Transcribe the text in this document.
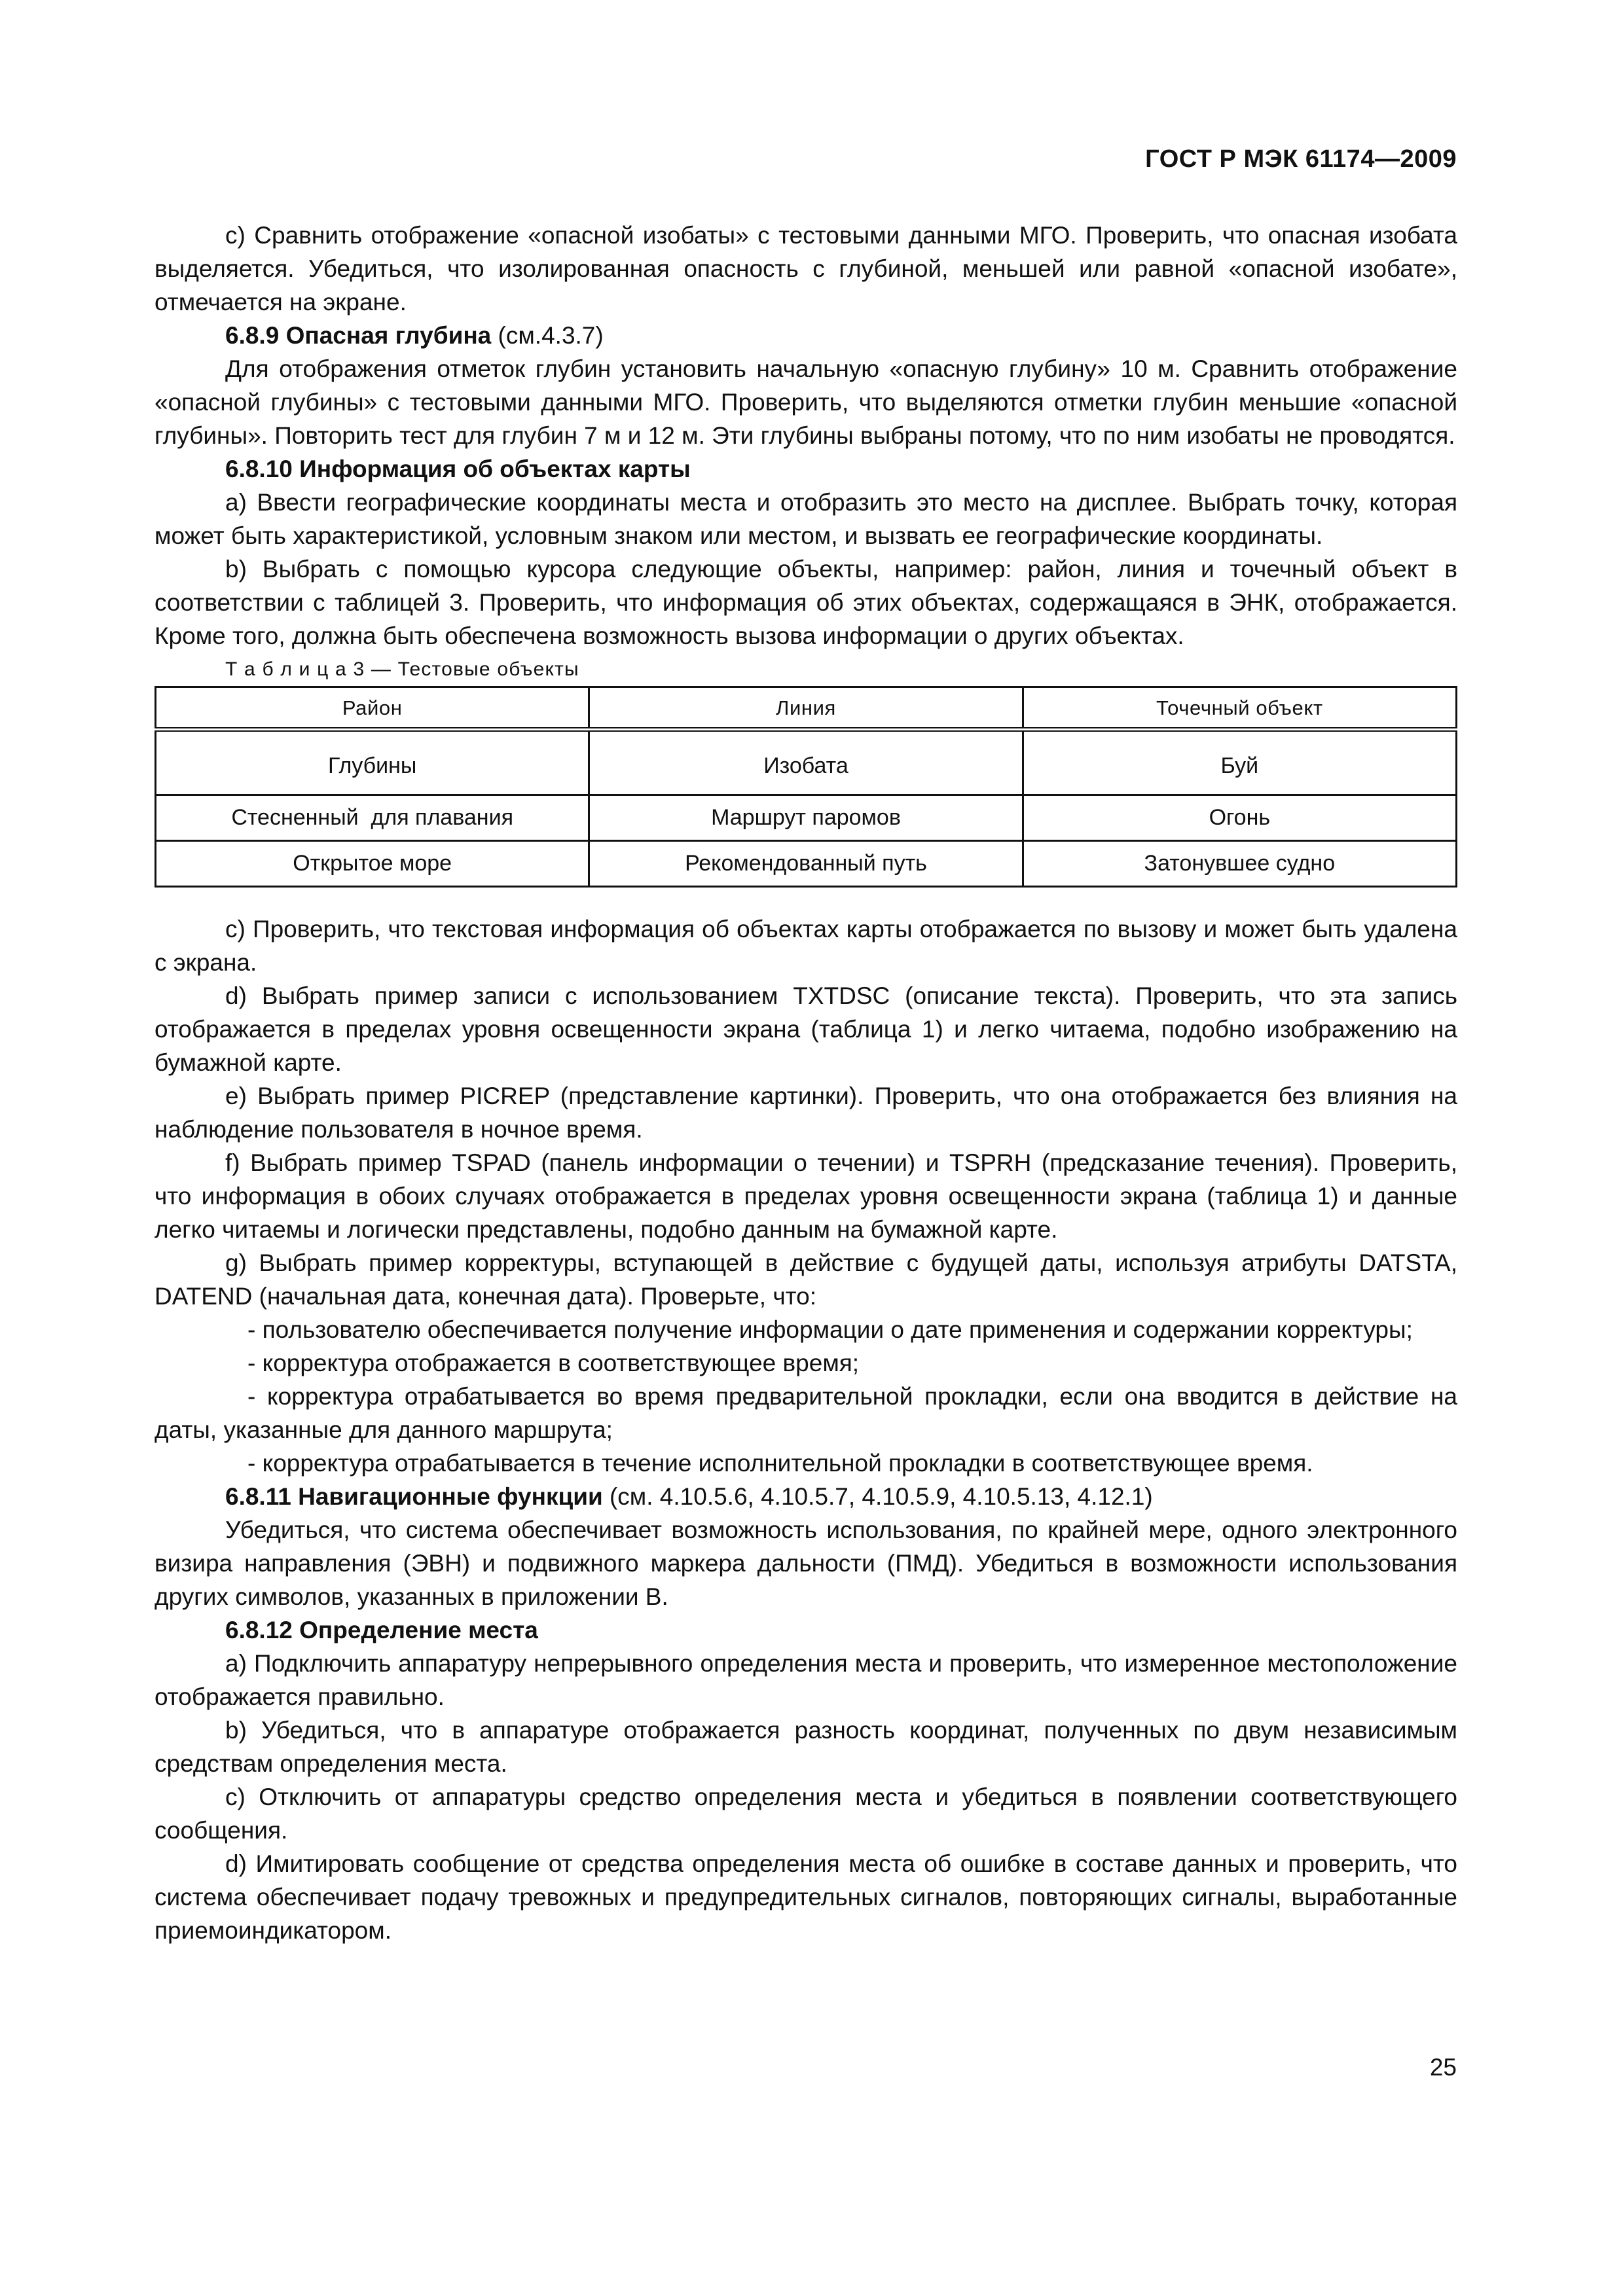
ГОСТ Р МЭК 61174—2009

c) Сравнить отображение «опасной изобаты» с тестовыми данными МГО. Проверить, что опасная изобата выделяется. Убедиться, что изолированная опасность с глубиной, меньшей или равной «опасной изобате», отмечается на экране.

6.8.9 Опасная глубина (см.4.3.7)

Для отображения отметок глубин установить начальную «опасную глубину» 10 м. Сравнить отображение «опасной глубины» с тестовыми данными МГО. Проверить, что выделяются отметки глубин меньшие «опасной глубины». Повторить тест для глубин 7 м и 12 м. Эти глубины выбраны потому, что по ним изобаты не проводятся.

6.8.10 Информация об объектах карты

a) Ввести географические координаты места и отобразить это место на дисплее. Выбрать точку, которая может быть характеристикой, условным знаком или местом, и вызвать ее географические координаты.

b) Выбрать с помощью курсора следующие объекты, например: район, линия и точечный объект в соответствии с таблицей 3. Проверить, что информация об этих объектах, содержащаяся в ЭНК, отображается. Кроме того, должна быть обеспечена возможность вызова информации о других объектах.

Т а б л и ц а 3 — Тестовые объекты

Район	Линия	Точечный объект
Глубины	Изобата	Буй
Стесненный  для плавания	Маршрут паромов	Огонь
Открытое море	Рекомендованный путь	Затонувшее судно

c) Проверить, что текстовая информация об объектах карты отображается по вызову и может быть удалена с экрана.

d) Выбрать пример записи с использованием TXTDSC (описание текста). Проверить, что эта запись отображается в пределах уровня освещенности экрана (таблица 1) и легко читаема, подобно изображению на бумажной карте.

e) Выбрать пример PICREP (представление картинки). Проверить, что она отображается без влияния на наблюдение пользователя в ночное время.

f) Выбрать пример TSPAD (панель информации о течении) и TSPRH (предсказание течения). Проверить, что информация в обоих случаях отображается в пределах уровня освещенности экрана (таблица 1) и данные легко читаемы и логически представлены, подобно данным на бумажной карте.

g) Выбрать пример корректуры, вступающей в действие с будущей даты, используя атрибуты DATSTA, DATEND (начальная дата, конечная дата). Проверьте, что:

- пользователю обеспечивается получение информации о дате применения и содержании корректуры;

- корректура отображается в соответствующее время;

- корректура отрабатывается во время предварительной прокладки, если она вводится в действие на даты, указанные для данного маршрута;

- корректура отрабатывается в течение исполнительной прокладки в соответствующее время.

6.8.11 Навигационные функции (см. 4.10.5.6, 4.10.5.7, 4.10.5.9, 4.10.5.13, 4.12.1)

Убедиться, что система обеспечивает возможность использования, по крайней мере, одного электронного визира направления (ЭВН) и подвижного маркера дальности (ПМД). Убедиться в возможности использования других символов, указанных в приложении В.

6.8.12 Определение места

a) Подключить аппаратуру непрерывного определения места и проверить, что измеренное местоположение отображается правильно.

b) Убедиться, что в аппаратуре отображается разность координат, полученных по двум независимым средствам определения места.

c) Отключить от аппаратуры средство определения места и убедиться в появлении соответствующего сообщения.

d) Имитировать сообщение от средства определения места об ошибке в составе данных и проверить, что система обеспечивает подачу тревожных и предупредительных сигналов, повторяющих сигналы, выработанные приемоиндикатором.

25
